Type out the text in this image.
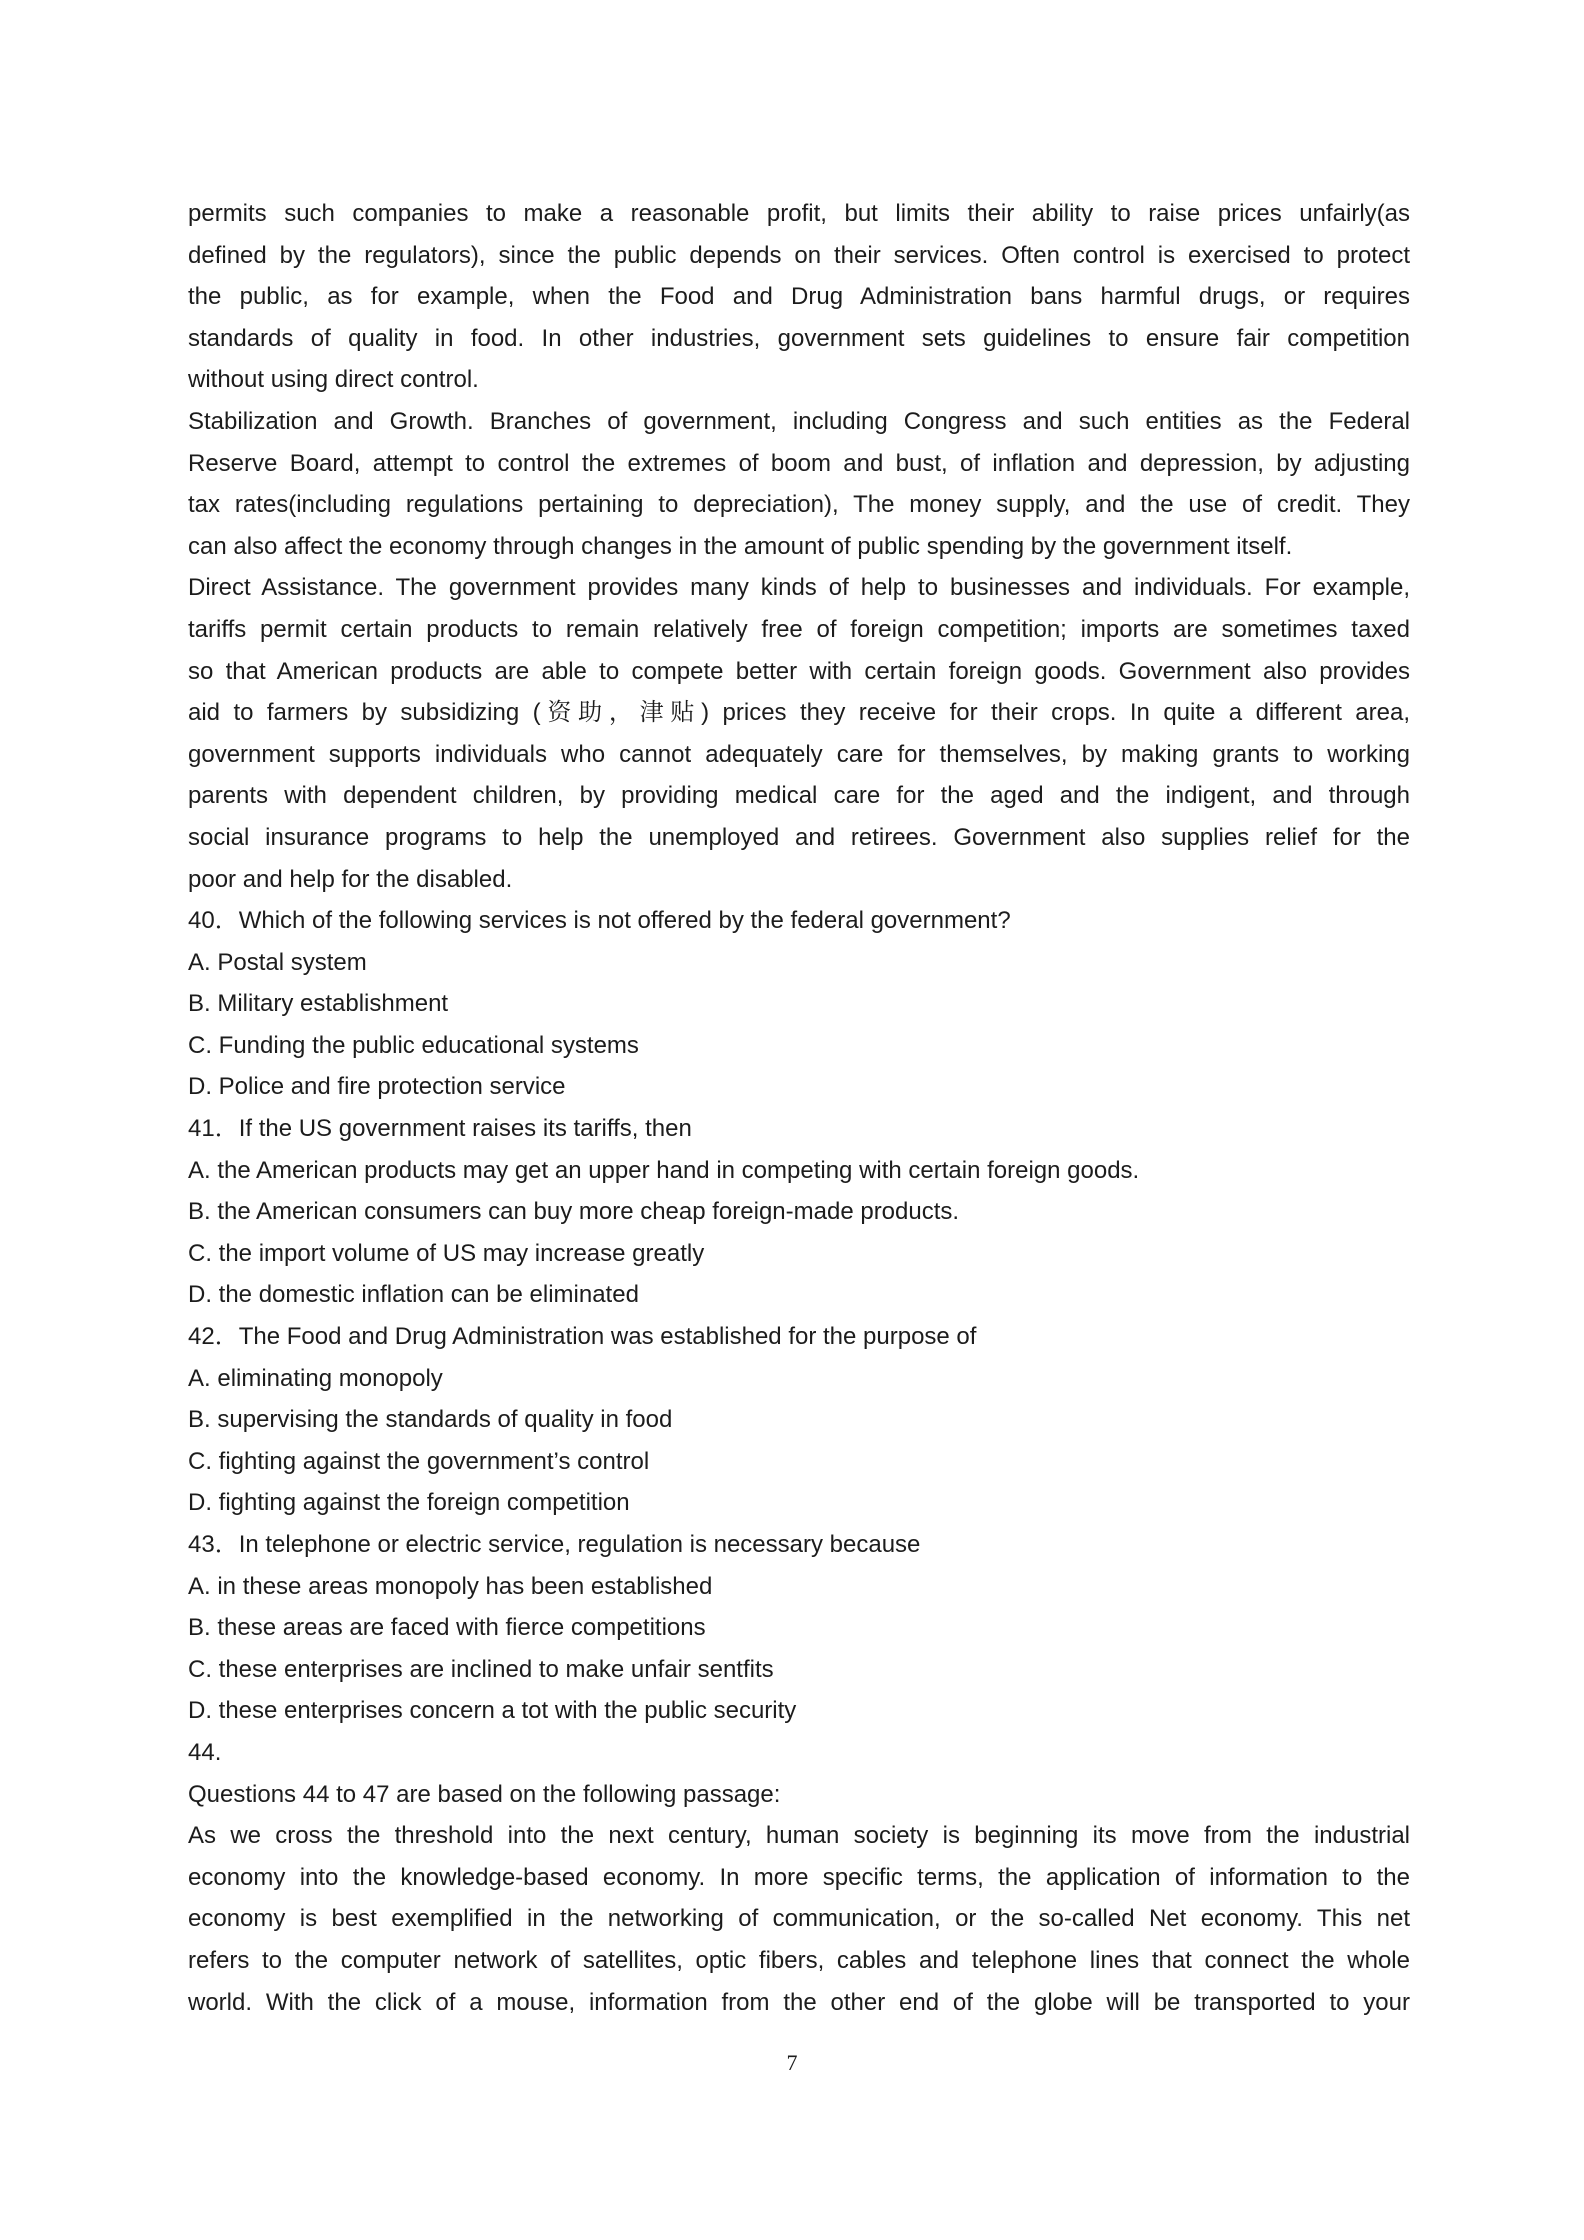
permits such companies to make a reasonable profit, but limits their ability to raise prices unfairly(as
defined by the regulators), since the public depends on their services. Often control is exercised to protect
the public, as for example, when the Food and Drug Administration bans harmful drugs, or requires
standards of quality in food. In other industries, government sets guidelines to ensure fair competition
without using direct control.
Stabilization and Growth. Branches of government, including Congress and such entities as the Federal
Reserve Board, attempt to control the extremes of boom and bust, of inflation and depression, by adjusting
tax rates(including regulations pertaining to depreciation), The money supply, and the use of credit. They
can also affect the economy through changes in the amount of public spending by the government itself.
Direct Assistance. The government provides many kinds of help to businesses and individuals. For example,
tariffs permit certain products to remain relatively free of foreign competition; imports are sometimes taxed
so that American products are able to compete better with certain foreign goods. Government also provides
aid to farmers by subsidizing (资助，津贴) prices they receive for their crops. In quite a different area,
government supports individuals who cannot adequately care for themselves, by making grants to working
parents with dependent children, by providing medical care for the aged and the indigent, and through
social insurance programs to help the unemployed and retirees. Government also supplies relief for the
poor and help for the disabled.
40．Which of the following services is not offered by the federal government?
A. Postal system
B. Military establishment
C. Funding the public educational systems
D. Police and fire protection service
41．If the US government raises its tariffs, then
A. the American products may get an upper hand in competing with certain foreign goods.
B. the American consumers can buy more cheap foreign-made products.
C. the import volume of US may increase greatly
D. the domestic inflation can be eliminated
42．The Food and Drug Administration was established for the purpose of
A. eliminating monopoly
B. supervising the standards of quality in food
C. fighting against the government’s control
D. fighting against the foreign competition
43．In telephone or electric service, regulation is necessary because
A. in these areas monopoly has been established
B. these areas are faced with fierce competitions
C. these enterprises are inclined to make unfair sentfits
D. these enterprises concern a tot with the public security
44.
Questions 44 to 47 are based on the following passage:
As we cross the threshold into the next century, human society is beginning its move from the industrial
economy into the knowledge-based economy. In more specific terms, the application of information to the
economy is best exemplified in the networking of communication, or the so-called Net economy. This net
refers to the computer network of satellites, optic fibers, cables and telephone lines that connect the whole
world. With the click of a mouse, information from the other end of the globe will be transported to your
7
